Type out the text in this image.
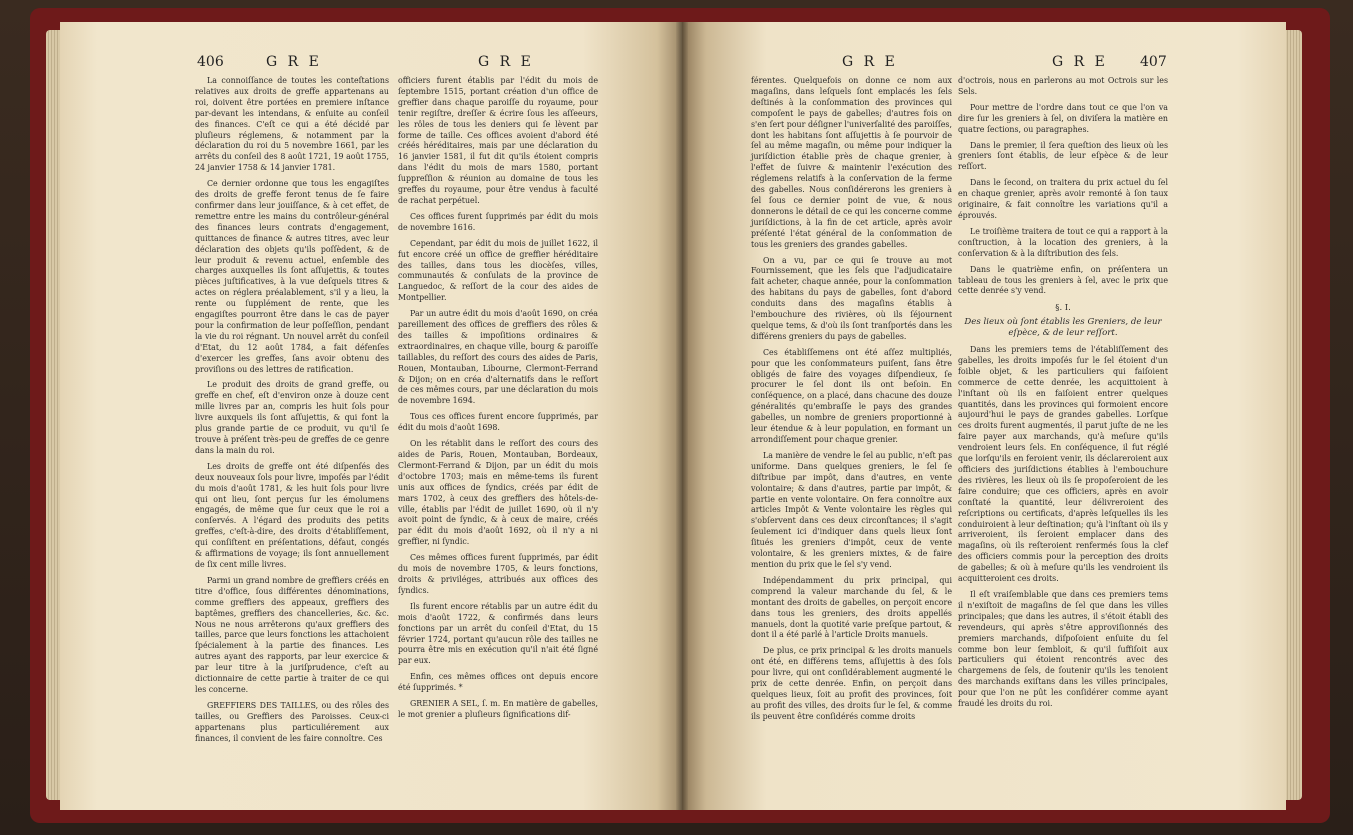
406	G R E	G R E	G R E	G R E 407

La connoiſſance de toutes les conteſtations relatives aux droits de greffe appartenans au roi, doivent être portées en premiere inſtance par-devant les intendans, & enſuite au conſeil des finances. C'eſt ce qui a été décidé par pluſieurs réglemens, & notamment par la déclaration du roi du 5 novembre 1661, par les arrêts du conſeil des 8 août 1721, 19 août 1755, 24 janvier 1758 & 14 janvier 1781.

Ce dernier ordonne que tous les engagiſtes des droits de greffe feront tenus de ſe faire confirmer dans leur jouiſſance, & à cet effet, de remettre entre les mains du contrôleur-général des finances leurs contrats d'engagement, quittances de finance & autres titres, avec leur déclaration des objets qu'ils poſſèdent, & de leur produit & revenu actuel, enſemble des charges auxquelles ils ſont aſſujettis, & toutes pièces juſtificatives, à la vue deſquels titres & actes on réglera préalablement, s'il y a lieu, la rente ou ſupplément de rente, que les engagiſtes pourront être dans le cas de payer pour la confirmation de leur poſſeſſion, pendant la vie du roi régnant. Un nouvel arrêt du conſeil d'Etat, du 12 août 1784, a fait défenſes d'exercer les greffes, ſans avoir obtenu des proviſions ou des lettres de ratification.

Le produit des droits de grand greffe, ou greffe en chef, eſt d'environ onze à douze cent mille livres par an, compris les huit ſols pour livre auxquels ils ſont aſſujettis, & qui font la plus grande partie de ce produit, vu qu'il ſe trouve à préſent très-peu de greffes de ce genre dans la main du roi.

Les droits de greffe ont été diſpenſés des deux nouveaux ſols pour livre, impoſés par l'édit du mois d'août 1781, & les huit ſols pour livre qui ont lieu, ſont perçus ſur les émolumens engagés, de même que ſur ceux que le roi a conſervés. A l'égard des produits des petits greffes, c'eſt-à-dire, des droits d'établiſſement, qui conſiſtent en préſentations, défaut, congés & affirmations de voyage; ils ſont annuellement de ſix cent mille livres.

Parmi un grand nombre de greffiers créés en titre d'office, ſous différentes dénominations, comme greffiers des appeaux, greffiers des baptêmes, greffiers des chancelleries, &c. &c. Nous ne nous arrêterons qu'aux greffiers des tailles, parce que leurs fonctions les attachoient ſpécialement à la partie des finances. Les autres ayant des rapports, par leur exercice & par leur titre à la juriſprudence, c'eſt au dictionnaire de cette partie à traiter de ce qui les concerne.

GREFFIERS DES TAILLES, ou des rôles des tailles, ou Greffiers des Paroisses. Ceux-ci appartenans plus particuliérement aux finances, il convient de les faire connoître. Ces

officiers furent établis par l'édit du mois de ſeptembre 1515, portant création d'un office de greffier dans chaque paroiſſe du royaume, pour tenir regiſtre, dreſſer & écrire ſous les aſſeeurs, les rôles de tous les deniers qui ſe lèvent par forme de taille. Ces offices avoient d'abord été créés héréditaires, mais par une déclaration du 16 janvier 1581, il fut dit qu'ils étoient compris dans l'édit du mois de mars 1580, portant ſuppreſſion & réunion au domaine de tous les greffes du royaume, pour être vendus à faculté de rachat perpétuel.

Ces offices furent ſupprimés par édit du mois de novembre 1616.

Cependant, par édit du mois de juillet 1622, il fut encore créé un office de greffier héréditaire des tailles, dans tous les diocèſes, villes, communautés & conſulats de la province de Languedoc, & reſſort de la cour des aides de Montpellier.

Par un autre édit du mois d'août 1690, on créa pareillement des offices de greffiers des rôles & des tailles & impoſitions ordinaires & extraordinaires, en chaque ville, bourg & paroiſſe taillables, du reſſort des cours des aides de Paris, Rouen, Montauban, Libourne, Clermont-Ferrand & Dijon; on en créa d'alternatifs dans le reſſort de ces mêmes cours, par une déclaration du mois de novembre 1694.

Tous ces offices furent encore ſupprimés, par édit du mois d'août 1698.

On les rétablit dans le reſſort des cours des aides de Paris, Rouen, Montauban, Bordeaux, Clermont-Ferrand & Dijon, par un édit du mois d'octobre 1703; mais en même-tems ils furent unis aux offices de ſyndics, créés par édit de mars 1702, à ceux des greffiers des hôtels-de-ville, établis par l'édit de juillet 1690, où il n'y avoit point de ſyndic, & à ceux de maire, créés par édit du mois d'août 1692, où il n'y a ni greffier, ni ſyndic.

Ces mêmes offices furent ſupprimés, par édit du mois de novembre 1705, & leurs fonctions, droits & priviléges, attribués aux offices des ſyndics.

Ils furent encore rétablis par un autre édit du mois d'août 1722, & confirmés dans leurs fonctions par un arrêt du conſeil d'Etat, du 15 février 1724, portant qu'aucun rôle des tailles ne pourra être mis en exécution qu'il n'ait été ſigné par eux.

Enfin, ces mêmes offices ont depuis encore été ſupprimés. *

GRENIER A SEL, ſ. m. En matière de gabelles, le mot grenier a pluſieurs ſignifications dif-

férentes. Quelquefois on donne ce nom aux magaſins, dans leſquels ſont emplacés les ſels deſtinés à la conſommation des provinces qui compoſent le pays de gabelles; d'autres fois on s'en ſert pour déſigner l'univerſalité des paroiſſes, dont les habitans ſont aſſujettis à ſe pourvoir de ſel au même magaſin, ou même pour indiquer la juriſdiction établie près de chaque grenier, à l'effet de ſuivre & maintenir l'exécution des réglemens relatifs à la conſervation de la ferme des gabelles. Nous conſidérerons les greniers à ſel ſous ce dernier point de vue, & nous donnerons le détail de ce qui les concerne comme juriſdictions, à la fin de cet article, après avoir préſenté l'état général de la conſommation de tous les greniers des grandes gabelles.

On a vu, par ce qui ſe trouve au mot Fournissement, que les ſels que l'adjudicataire fait acheter, chaque année, pour la conſommation des habitans du pays de gabelles, ſont d'abord conduits dans des magaſins établis à l'embouchure des rivières, où ils ſéjournent quelque tems, & d'où ils ſont tranſportés dans les différens greniers du pays de gabelles.

Ces établiſſemens ont été aſſez multipliés, pour que les conſommateurs puiſent, ſans être obligés de faire des voyages diſpendieux, ſe procurer le ſel dont ils ont beſoin. En conſéquence, on a placé, dans chacune des douze généralités qu'embraſſe le pays des grandes gabelles, un nombre de greniers proportionné à leur étendue & à leur population, en formant un arrondiſſement pour chaque grenier.

La manière de vendre le ſel au public, n'eſt pas uniforme. Dans quelques greniers, le ſel ſe diſtribue par impôt, dans d'autres, en vente volontaire; & dans d'autres, partie par impôt, & partie en vente volontaire. On fera connoître aux articles Impôt & Vente volontaire les règles qui s'obſervent dans ces deux circonſtances; il s'agit ſeulement ici d'indiquer dans quels lieux ſont ſitués les greniers d'impôt, ceux de vente volontaire, & les greniers mixtes, & de faire mention du prix que le ſel s'y vend.

Indépendamment du prix principal, qui comprend la valeur marchande du ſel, & le montant des droits de gabelles, on perçoit encore dans tous les greniers, des droits appellés manuels, dont la quotité varie preſque partout, & dont il a été parlé à l'article Droits manuels.

De plus, ce prix principal & les droits manuels ont été, en différens tems, aſſujettis à des ſols pour livre, qui ont conſidérablement augmenté le prix de cette denrée. Enfin, on perçoit dans quelques lieux, ſoit au profit des provinces, ſoit au profit des villes, des droits ſur le ſel, & comme ils peuvent être conſidérés comme droits

d'octrois, nous en parlerons au mot Octrois sur les Sels.

Pour mettre de l'ordre dans tout ce que l'on va dire ſur les greniers à ſel, on diviſera la matière en quatre ſections, ou paragraphes.

Dans le premier, il ſera queſtion des lieux où les greniers ſont établis, de leur eſpèce & de leur reſſort.

Dans le ſecond, on traitera du prix actuel du ſel en chaque grenier, après avoir remonté à ſon taux originaire, & fait connoître les variations qu'il a éprouvés.

Le troiſième traitera de tout ce qui a rapport à la conſtruction, à la location des greniers, à la conſervation & à la diſtribution des ſels.

Dans le quatrième enfin, on préſentera un tableau de tous les greniers à ſel, avec le prix que cette denrée s'y vend.

§. I.

Des lieux où ſont établis les Greniers, de leur eſpèce, & de leur reſſort.

Dans les premiers tems de l'établiſſement des gabelles, les droits impoſés ſur le ſel étoient d'un foible objet, & les particuliers qui faiſoient commerce de cette denrée, les acquittoient à l'inſtant où ils en faiſoient entrer quelques quantités, dans les provinces qui formoient encore aujourd'hui le pays de grandes gabelles. Lorſque ces droits furent augmentés, il parut juſte de ne les faire payer aux marchands, qu'à meſure qu'ils vendroient leurs ſels. En conſéquence, il fut réglé que lorſqu'ils en feroient venir, ils déclareroient aux officiers des juriſdictions établies à l'embouchure des rivières, les lieux où ils ſe propoſeroient de les faire conduire; que ces officiers, après en avoir conſtaté la quantité, leur délivreroient des reſcriptions ou certificats, d'après leſquelles ils les conduiroient à leur deſtination; qu'à l'inſtant où ils y arriveroient, ils ſeroient emplacer dans des magaſins, où ils reſteroient renfermés ſous la clef des officiers commis pour la perception des droits de gabelles; & où à meſure qu'ils les vendroient ils acquitteroient ces droits.

Il eſt vraiſemblable que dans ces premiers tems il n'exiſtoit de magaſins de ſel que dans les villes principales; que dans les autres, il s'étoit établi des revendeurs, qui après s'être approviſionnés des premiers marchands, diſpoſoient enſuite du ſel comme bon leur ſembloit, & qu'il ſuffiſoit aux particuliers qui étoient rencontrés avec des chargemens de ſels, de ſoutenir qu'ils les tenoient des marchands exiſtans dans les villes principales, pour que l'on ne pût les conſidérer comme ayant fraudé les droits du roi.
